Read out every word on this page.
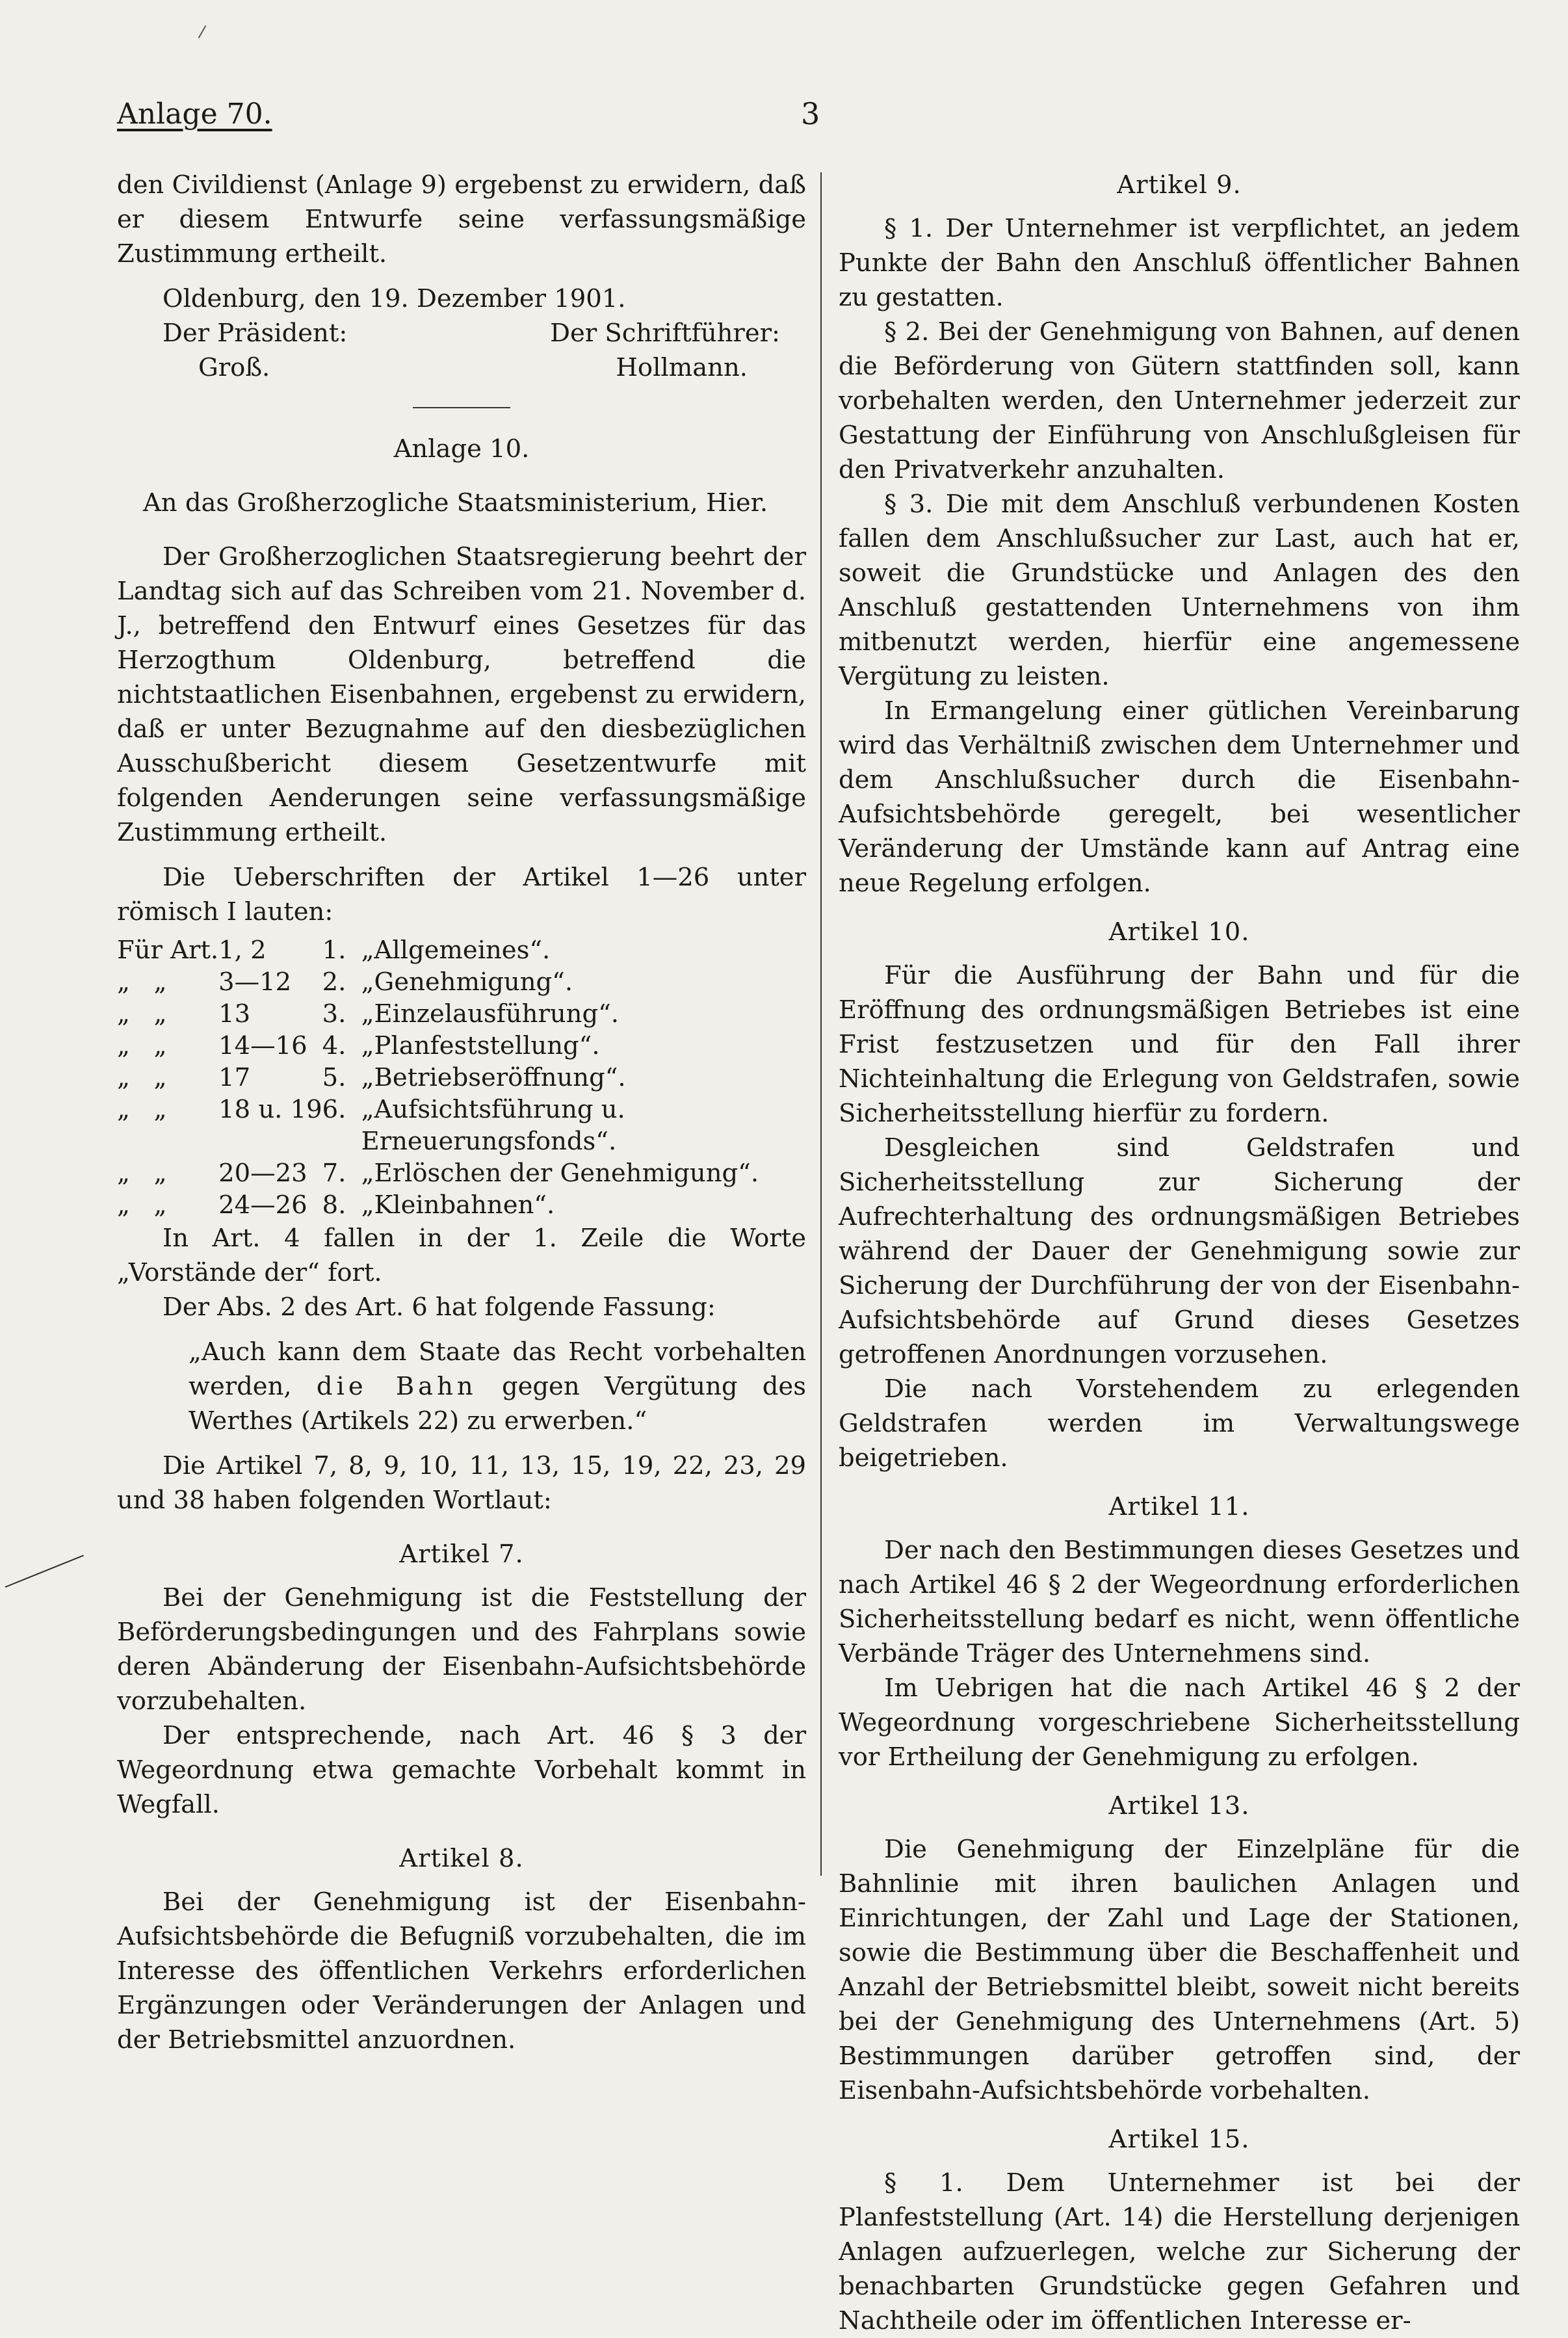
Anlage 70.	3

den Civildienst (Anlage 9) ergebenst zu erwidern, daß er diesem Entwurfe seine verfassungsmäßige Zustimmung ertheilt.

Oldenburg, den 19. Dezember 1901.

Der Präsident:	Der Schriftführer:
Groß.	Hollmann.

Anlage 10.

An das Großherzogliche Staatsministerium, Hier.

Der Großherzoglichen Staatsregierung beehrt der Landtag sich auf das Schreiben vom 21. November d. J., betreffend den Entwurf eines Gesetzes für das Herzogthum Oldenburg, betreffend die nichtstaatlichen Eisenbahnen, ergebenst zu erwidern, daß er unter Bezugnahme auf den diesbezüglichen Ausschußbericht diesem Gesetzentwurfe mit folgenden Aenderungen seine verfassungsmäßige Zustimmung ertheilt.

Die Ueberschriften der Artikel 1—26 unter römisch I lauten:

Für Art.	1, 2	1.	„Allgemeines“.
„ „	3—12	2.	„Genehmigung“.
„ „	13	3.	„Einzelausführung“.
„ „	14—16	4.	„Planfeststellung“.
„ „	17	5.	„Betriebseröffnung“.
„ „	18 u. 19	6.	„Aufsichtsführung u. Erneuerungsfonds“.
„ „	20—23	7.	„Erlöschen der Genehmigung“.
„ „	24—26	8.	„Kleinbahnen“.

In Art. 4 fallen in der 1. Zeile die Worte „Vorstände der“ fort.

Der Abs. 2 des Art. 6 hat folgende Fassung:

„Auch kann dem Staate das Recht vorbehalten werden, die Bahn gegen Vergütung des Werthes (Artikels 22) zu erwerben.“

Die Artikel 7, 8, 9, 10, 11, 13, 15, 19, 22, 23, 29 und 38 haben folgenden Wortlaut:

Artikel 7.

Bei der Genehmigung ist die Feststellung der Beförderungsbedingungen und des Fahrplans sowie deren Abänderung der Eisenbahn-Aufsichtsbehörde vorzubehalten.

Der entsprechende, nach Art. 46 § 3 der Wegeordnung etwa gemachte Vorbehalt kommt in Wegfall.

Artikel 8.

Bei der Genehmigung ist der Eisenbahn-Aufsichtsbehörde die Befugniß vorzubehalten, die im Interesse des öffentlichen Verkehrs erforderlichen Ergänzungen oder Veränderungen der Anlagen und der Betriebsmittel anzuordnen.

Artikel 9.

§ 1. Der Unternehmer ist verpflichtet, an jedem Punkte der Bahn den Anschluß öffentlicher Bahnen zu gestatten.

§ 2. Bei der Genehmigung von Bahnen, auf denen die Beförderung von Gütern stattfinden soll, kann vorbehalten werden, den Unternehmer jederzeit zur Gestattung der Einführung von Anschlußgleisen für den Privatverkehr anzuhalten.

§ 3. Die mit dem Anschluß verbundenen Kosten fallen dem Anschlußsucher zur Last, auch hat er, soweit die Grundstücke und Anlagen des den Anschluß gestattenden Unternehmens von ihm mitbenutzt werden, hierfür eine angemessene Vergütung zu leisten.

In Ermangelung einer gütlichen Vereinbarung wird das Verhältniß zwischen dem Unternehmer und dem Anschlußsucher durch die Eisenbahn-Aufsichtsbehörde geregelt, bei wesentlicher Veränderung der Umstände kann auf Antrag eine neue Regelung erfolgen.

Artikel 10.

Für die Ausführung der Bahn und für die Eröffnung des ordnungsmäßigen Betriebes ist eine Frist festzusetzen und für den Fall ihrer Nichteinhaltung die Erlegung von Geldstrafen, sowie Sicherheitsstellung hierfür zu fordern.

Desgleichen sind Geldstrafen und Sicherheitsstellung zur Sicherung der Aufrechterhaltung des ordnungsmäßigen Betriebes während der Dauer der Genehmigung sowie zur Sicherung der Durchführung der von der Eisenbahn-Aufsichtsbehörde auf Grund dieses Gesetzes getroffenen Anordnungen vorzusehen.

Die nach Vorstehendem zu erlegenden Geldstrafen werden im Verwaltungswege beigetrieben.

Artikel 11.

Der nach den Bestimmungen dieses Gesetzes und nach Artikel 46 § 2 der Wegeordnung erforderlichen Sicherheitsstellung bedarf es nicht, wenn öffentliche Verbände Träger des Unternehmens sind.

Im Uebrigen hat die nach Artikel 46 § 2 der Wegeordnung vorgeschriebene Sicherheitsstellung vor Ertheilung der Genehmigung zu erfolgen.

Artikel 13.

Die Genehmigung der Einzelpläne für die Bahnlinie mit ihren baulichen Anlagen und Einrichtungen, der Zahl und Lage der Stationen, sowie die Bestimmung über die Beschaffenheit und Anzahl der Betriebsmittel bleibt, soweit nicht bereits bei der Genehmigung des Unternehmens (Art. 5) Bestimmungen darüber getroffen sind, der Eisenbahn-Aufsichtsbehörde vorbehalten.

Artikel 15.

§ 1. Dem Unternehmer ist bei der Planfeststellung (Art. 14) die Herstellung derjenigen Anlagen aufzuerlegen, welche zur Sicherung der benachbarten Grundstücke gegen Gefahren und Nachtheile oder im öffentlichen Interesse er-
